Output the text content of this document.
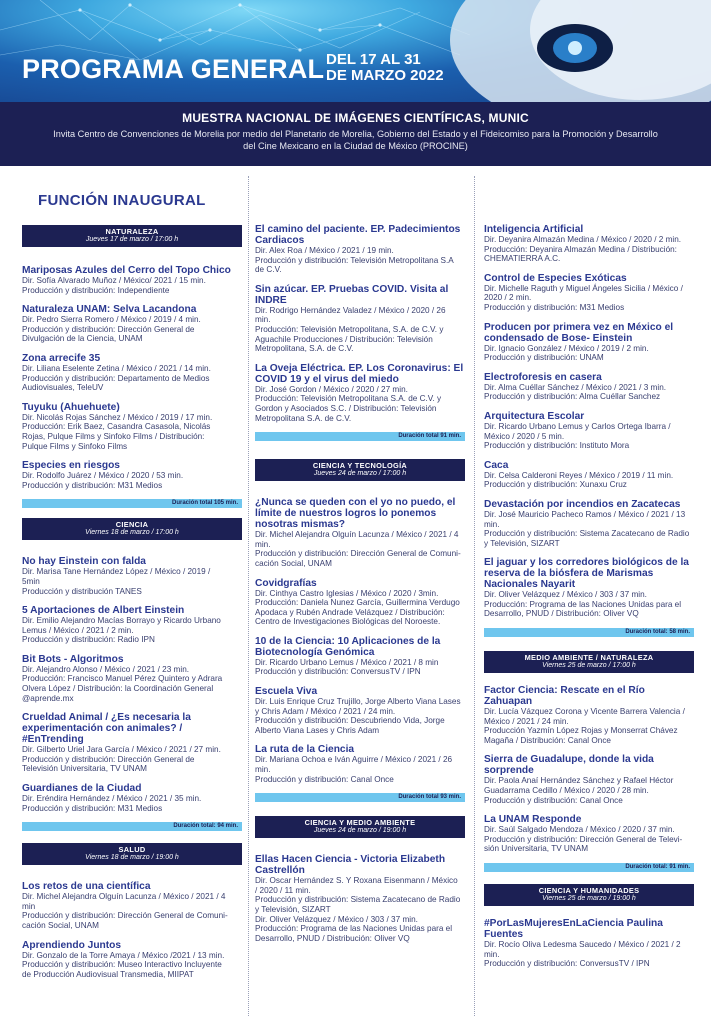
PROGRAMA GENERAL DEL 17 AL 31
DE MARZO 2022
MUESTRA NACIONAL DE IMÁGENES CIENTÍFICAS, MUNIC
Invita Centro de Convenciones de Morelia por medio del Planetario de Morelia, Gobierno del Estado y el Fideicomiso para la Promoción y Desarrollo del Cine Mexicano en la Ciudad de México (PROCINE)
FUNCIÓN INAUGURAL
NATURALEZA
Jueves 17 de marzo / 17:00 h
Mariposas Azules del Cerro del Topo Chico
Dir. Sofía Alvarado Muñoz / México/ 2021 / 15 min.
Producción y distribución: Independiente
Naturaleza UNAM: Selva Lacandona
Dir. Pedro Sierra Romero / México / 2019 / 4 min.
Producción y distribución: Dirección General de
Divulgación de la Ciencia, UNAM
Zona arrecife 35
Dir. Liliana Eselente Zetina / México / 2021 / 14 min.
Producción y distribución: Departamento de Medios
Audiovisuales, TeleUV
Tuyuku (Ahuehuete)
Dir. Nicolás Rojas Sánchez / México / 2019 / 17 min.
Producción: Erik Baez, Casandra Casasola, Nicolás
Rojas, Pulque Films y Sinfoko Films / Distribución:
Pulque Films y Sinfoko Films
Especies en riesgos
Dir. Rodolfo Juárez / México / 2020 / 53 min.
Producción y distribución: M31 Medios
Duración total 105 min.
CIENCIA
Viernes 18 de marzo / 17:00 h
No hay Einstein con falda
Dir. Marisa Tane Hernández López / México / 2019 /
5min
Producción y distribución TANES
5 Aportaciones de Albert Einstein
Dir. Emilio Alejandro Macías Borrayo y Ricardo Urbano
Lemus / México / 2021 / 2 min.
Producción y distribución: Radio IPN
Bit Bots - Algoritmos
Dir. Alejandro Alonso / México / 2021 / 23 min.
Producción: Francisco Manuel Pérez Quintero y Adrara
Olvera López / Distribución: la Coordinación General
@aprende.mx
Crueldad Animal / ¿Es necesaria la experimentación con animales? / #EnTrending
Dir. Gilberto Uriel Jara García / México / 2021 / 27 min.
Producción y distribución: Dirección General de
Televisión Universitaria, TV UNAM
Guardianes de la Ciudad
Dir. Eréndira Hernández / México / 2021 / 35 min.
Producción y distribución: M31 Medios
Duración total: 94 min.
SALUD
Viernes 18 de marzo / 19:00 h
Los retos de una científica
Dir. Michel Alejandra Olguín Lacunza / México / 2021 / 4
min
Producción y distribución: Dirección General de Comuni-
cación Social, UNAM
Aprendiendo Juntos
Dir. Gonzalo de la Torre Amaya / México /2021 / 13 min.
Producción y distribución: Museo Interactivo Incluyente
de Producción Audiovisual Transmedia, MIIPAT
El camino del paciente. EP. Padecimientos Cardiacos
Dir. Alex Roa / México / 2021 / 19 min.
Producción y distribución: Televisión Metropolitana S.A
de C.V.
Sin azúcar. EP. Pruebas COVID. Visita al INDRE
Dir. Rodrigo Hernández Valadez / México / 2020 / 26
min.
Producción: Televisión Metropolitana, S.A. de C.V. y
Aguachile Producciones / Distribución: Televisión
Metropolitana, S.A. de C.V.
La Oveja Eléctrica. EP. Los Coronavirus: El COVID 19 y el virus del miedo
Dir. José Gordon / México / 2020 / 27 min.
Producción: Televisión Metropolitana S.A. de C.V. y
Gordon y Asociados S.C. / Distribución: Televisión
Metropolitana S.A. de C.V.
Duración total 91 min.
CIENCIA Y TECNOLOGÍA
Jueves 24 de marzo / 17:00 h
¿Nunca se queden con el yo no puedo, el límite de nuestros logros lo ponemos nosotras mismas?
Dir. Michel Alejandra Olguín Lacunza / México / 2021 / 4
min.
Producción y distribución: Dirección General de Comuni-
cación Social, UNAM
Covidgrafías
Dir. Cinthya Castro Iglesias / México / 2020 / 3min.
Producción: Daniela Nunez García, Guillermina Verdugo
Apodaca y Rubén Andrade Velázquez / Distribución:
Centro de Investigaciones Biológicas del Noroeste.
10 de la Ciencia: 10 Aplicaciones de la Biotecnología Genómica
Dir. Ricardo Urbano Lemus / México / 2021 / 8 min
Producción y distribución: ConversusTV / IPN
Escuela Viva
Dir. Luis Enrique Cruz Trujillo, Jorge Alberto Viana Lases
y Chris Adam / México / 2021 / 24 min.
Producción y distribución: Descubriendo Vida, Jorge
Alberto Viana Lases y Chris Adam
La ruta de la Ciencia
Dir. Mariana Ochoa e Iván Aguirre / México / 2021 / 26
min.
Producción y distribución: Canal Once
Duración total 93 min.
CIENCIA Y MEDIO AMBIENTE
Jueves 24 de marzo / 19:00 h
Ellas Hacen Ciencia - Victoria Elizabeth Castrellón
Dir. Oscar Hernández S. Y Roxana Eisenmann / México
/ 2020 / 11 min.
Producción y distribución: Sistema Zacatecano de Radio
y Televisión, SIZART
Dir. Oliver Velázquez / México / 303 / 37 min.
Producción: Programa de las Naciones Unidas para el
Desarrollo, PNUD / Distribución: Oliver VQ
Inteligencia Artificial
Dir. Deyanira Almazán Medina / México / 2020 / 2 min.
Producción: Deyanira Almazán Medina / Distribución:
CHEMATIERRA A.C.
Control de Especies Exóticas
Dir. Michelle Raguth y Miguel Ángeles Sicilia / México /
2020 / 2 min.
Producción y distribución: M31 Medios
Producen por primera vez en México el condensado de Bose- Einstein
Dir. Ignacio González / México / 2019 / 2 min.
Producción y distribución: UNAM
Electroforesis en casera
Dir. Alma Cuéllar Sánchez / México / 2021 / 3 min.
Producción y distribución: Alma Cuéllar Sanchez
Arquitectura Escolar
Dir. Ricardo Urbano Lemus y Carlos Ortega Ibarra /
México / 2020 / 5 min.
Producción y distribución: Instituto Mora
Caca
Dir. Celsa Calderoni Reyes / México / 2019 / 11 min.
Producción y distribución: Xunaxu Cruz
Devastación por incendios en Zacatecas
Dir. José Mauricio Pacheco Ramos / México / 2021 / 13
min.
Producción y distribución: Sistema Zacatecano de Radio
y Televisión, SIZART
El jaguar y los corredores biológicos de la reserva de la biósfera de Marismas Nacionales Nayarit
Dir. Oliver Velázquez / México / 303 / 37 min.
Producción: Programa de las Naciones Unidas para el
Desarrollo, PNUD / Distribución: Oliver VQ
Duración total: 58 min.
MEDIO AMBIENTE / NATURALEZA
Viernes 25 de marzo / 17:00 h
Factor Ciencia: Rescate en el Río Zahuapan
Dir. Lucía Vázquez Corona y Vicente Barrera Valencia /
México / 2021 / 24 min.
Producción Yazmín López Rojas y Monserrat Chávez
Magaña / Distribución: Canal Once
Sierra de Guadalupe, donde la vida sorprende
Dir. Paola Anaí Hernández Sánchez y Rafael Héctor
Guadarrama Cedillo / México / 2020 / 28 min.
Producción y distribución: Canal Once
La UNAM Responde
Dir. Saúl Salgado Mendoza / México / 2020 / 37 min.
Producción y distribución: Dirección General de Televi-
sión Universitaria, TV UNAM
Duración total: 91 min.
CIENCIA Y HUMANIDADES
Viernes 25 de marzo / 19:00 h
#PorLasMujeresEnLaCiencia Paulina Fuentes
Dir. Rocío Oliva Ledesma Saucedo / México / 2021 / 2
min.
Producción y distribución: ConversusTV / IPN
